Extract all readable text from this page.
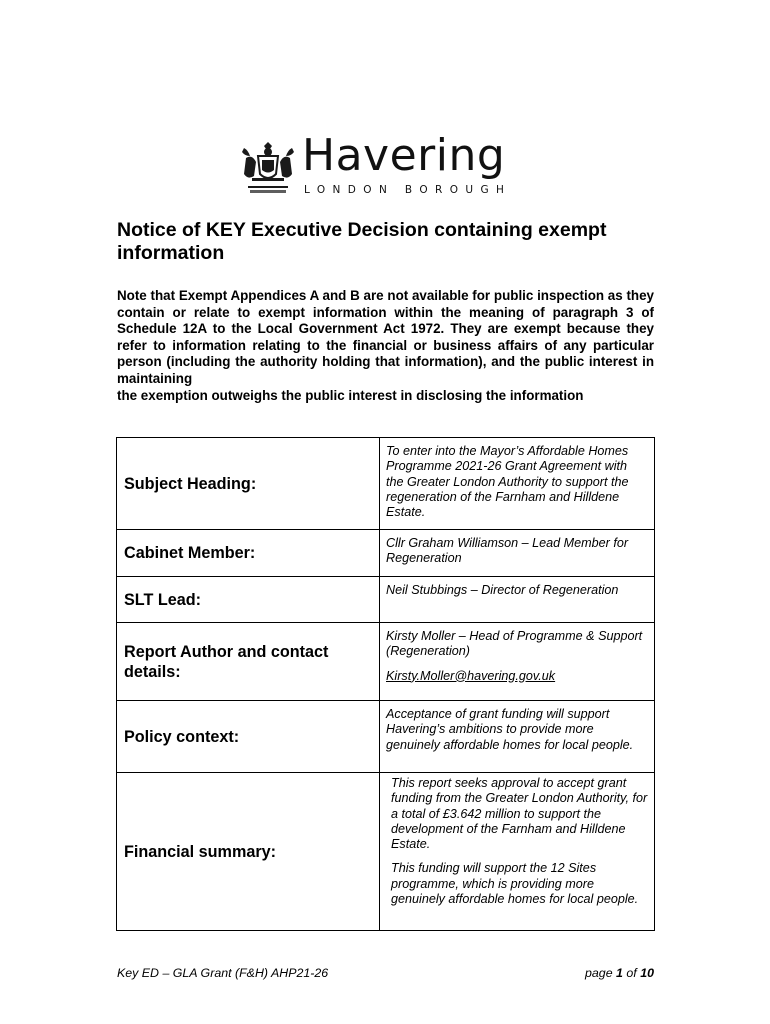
Havering
LONDON BOROUGH
Notice of KEY Executive Decision containing exempt information
Note that Exempt Appendices A and B are not available for public inspection as they contain or relate to exempt information within the meaning of paragraph 3 of Schedule 12A to the Local Government Act 1972. They are exempt because they refer to information relating to the financial or business affairs of any particular person (including the authority holding that information), and the public interest in maintaining
the exemption outweighs the public interest in disclosing the information
Subject Heading:	To enter into the Mayor’s Affordable Homes Programme 2021-26 Grant Agreement with the Greater London Authority to support the regeneration of the Farnham and Hilldene Estate.

Cabinet Member:	Cllr Graham Williamson – Lead Member for Regeneration

SLT Lead:	Neil Stubbings – Director of Regeneration

Report Author and contact details:	Kirsty Moller – Head of Programme & Support (Regeneration)

Kirsty.Moller@havering.gov.uk

Policy context:	Acceptance of grant funding will support Havering’s ambitions to provide more genuinely affordable homes for local people.

Financial summary:	This report seeks approval to accept grant funding from the Greater London Authority, for a total of £3.642 million to support the development of the Farnham and Hilldene Estate.

This funding will support the 12 Sites programme, which is providing more genuinely affordable homes for local people.

Key ED – GLA Grant (F&H) AHP21-26	page 1 of 10
